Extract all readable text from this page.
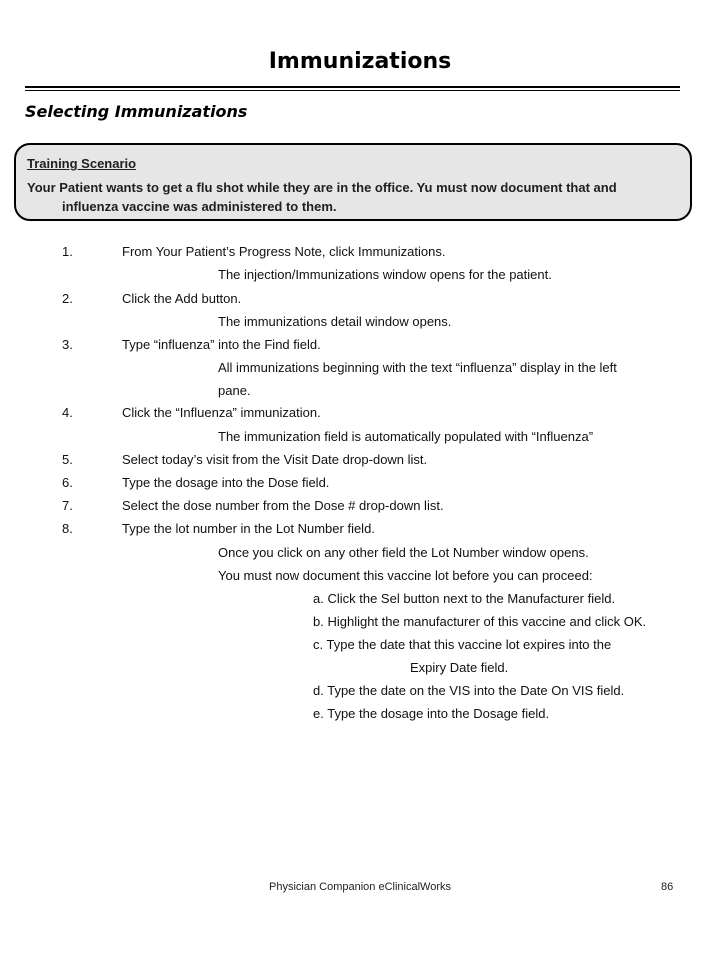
Immunizations
Selecting Immunizations
Training Scenario
Your Patient wants to get a flu shot while they are in the office. Yu must now document that and
influenza vaccine was administered to them.
1.	From Your Patient’s Progress Note, click Immunizations.
The injection/Immunizations window opens for the patient.
2.	Click the Add button.
The immunizations detail window opens.
3.	Type “influenza” into the Find field.
All immunizations beginning with the text “influenza” display in the left
pane.
4.	Click the “Influenza” immunization.
The immunization field is automatically populated with “Influenza”
5.	Select today’s visit from the Visit Date drop-down list.
6.	Type the dosage into the Dose field.
7.	Select the dose number from the Dose # drop-down list.
8.	Type the lot number in the Lot Number field.
Once you click on any other field the Lot Number window opens.
You must now document this vaccine lot before you can proceed:
a. Click the Sel button next to the Manufacturer field.
b. Highlight the manufacturer of this vaccine and click OK.
c. Type the date that this vaccine lot expires into the
Expiry Date field.
d. Type the date on the VIS into the Date On VIS field.
e. Type the dosage into the Dosage field.
Physician Companion eClinicalWorks	86
